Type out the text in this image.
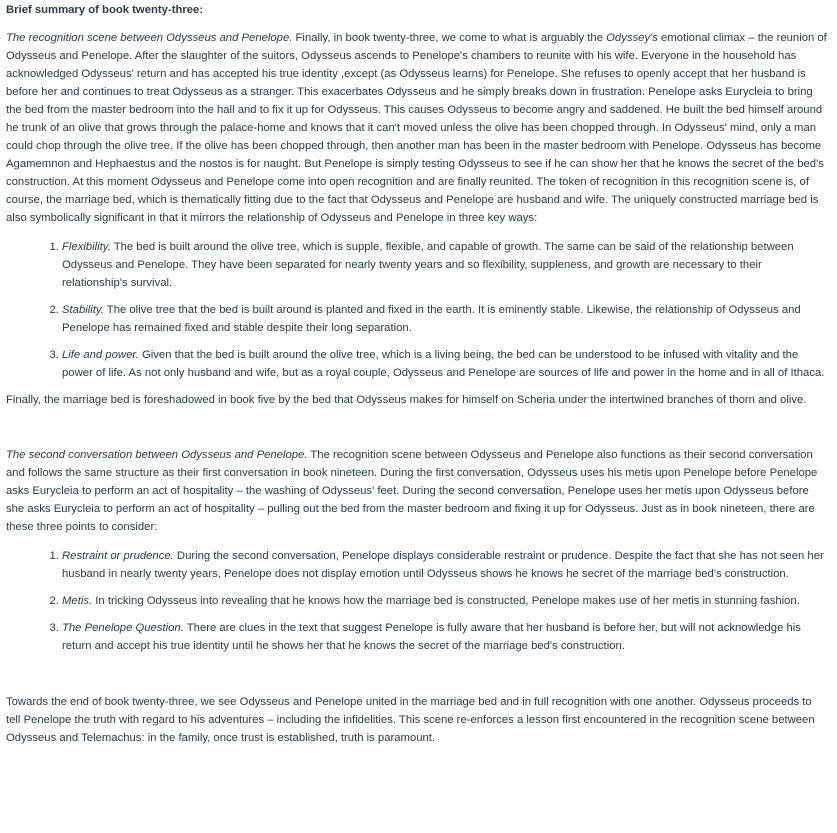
Brief summary of book twenty-three:

The recognition scene between Odysseus and Penelope. Finally, in book twenty-three, we come to what is arguably the Odyssey's emotional climax – the reunion of Odysseus and Penelope. After the slaughter of the suitors, Odysseus ascends to Penelope's chambers to reunite with his wife. Everyone in the household has acknowledged Odysseus' return and has accepted his true identity ,except (as Odysseus learns) for Penelope. She refuses to openly accept that her husband is before her and continues to treat Odysseus as a stranger. This exacerbates Odysseus and he simply breaks down in frustration. Penelope asks Eurycleia to bring the bed from the master bedroom into the hall and to fix it up for Odysseus. This causes Odysseus to become angry and saddened. He built the bed himself around he trunk of an olive that grows through the palace-home and knows that it can't moved unless the olive has been chopped through. In Odysseus' mind, only a man could chop through the olive tree. If the olive has been chopped through, then another man has been in the master bedroom with Penelope. Odysseus has become Agamemnon and Hephaestus and the nostos is for naught. But Penelope is simply testing Odysseus to see if he can show her that he knows the secret of the bed's construction. At this moment Odysseus and Penelope come into open recognition and are finally reunited. The token of recognition in this recognition scene is, of course, the marriage bed, which is thematically fitting due to the fact that Odysseus and Penelope are husband and wife. The uniquely constructed marriage bed is also symbolically significant in that it mirrors the relationship of Odysseus and Penelope in three key ways:

1. Flexibility. The bed is built around the olive tree, which is supple, flexible, and capable of growth. The same can be said of the relationship between Odysseus and Penelope. They have been separated for nearly twenty years and so flexibility, suppleness, and growth are necessary to their relationship's survival.
2. Stability. The olive tree that the bed is built around is planted and fixed in the earth. It is eminently stable. Likewise, the relationship of Odysseus and Penelope has remained fixed and stable despite their long separation.
3. Life and power. Given that the bed is built around the olive tree, which is a living being, the bed can be understood to be infused with vitality and the power of life. As not only husband and wife, but as a royal couple, Odysseus and Penelope are sources of life and power in the home and in all of Ithaca.

Finally, the marriage bed is foreshadowed in book five by the bed that Odysseus makes for himself on Scheria under the intertwined branches of thorn and olive.

The second conversation between Odysseus and Penelope. The recognition scene between Odysseus and Penelope also functions as their second conversation and follows the same structure as their first conversation in book nineteen. During the first conversation, Odysseus uses his metis upon Penelope before Penelope asks Eurycleia to perform an act of hospitality – the washing of Odysseus' feet. During the second conversation, Penelope uses her metis upon Odysseus before she asks Eurycleia to perform an act of hospitality – pulling out the bed from the master bedroom and fixing it up for Odysseus. Just as in book nineteen, there are these three points to consider:

1. Restraint or prudence. During the second conversation, Penelope displays considerable restraint or prudence. Despite the fact that she has not seen her husband in nearly twenty years, Penelope does not display emotion until Odysseus shows he knows he secret of the marriage bed's construction.
2. Metis. In tricking Odysseus into revealing that he knows how the marriage bed is constructed, Penelope makes use of her metis in stunning fashion.
3. The Penelope Question. There are clues in the text that suggest Penelope is fully aware that her husband is before her, but will not acknowledge his return and accept his true identity until he shows her that he knows the secret of the marriage bed's construction.

Towards the end of book twenty-three, we see Odysseus and Penelope united in the marriage bed and in full recognition with one another. Odysseus proceeds to tell Penelope the truth with regard to his adventures – including the infidelities. This scene re-enforces a lesson first encountered in the recognition scene between Odysseus and Telemachus: in the family, once trust is established, truth is paramount.
